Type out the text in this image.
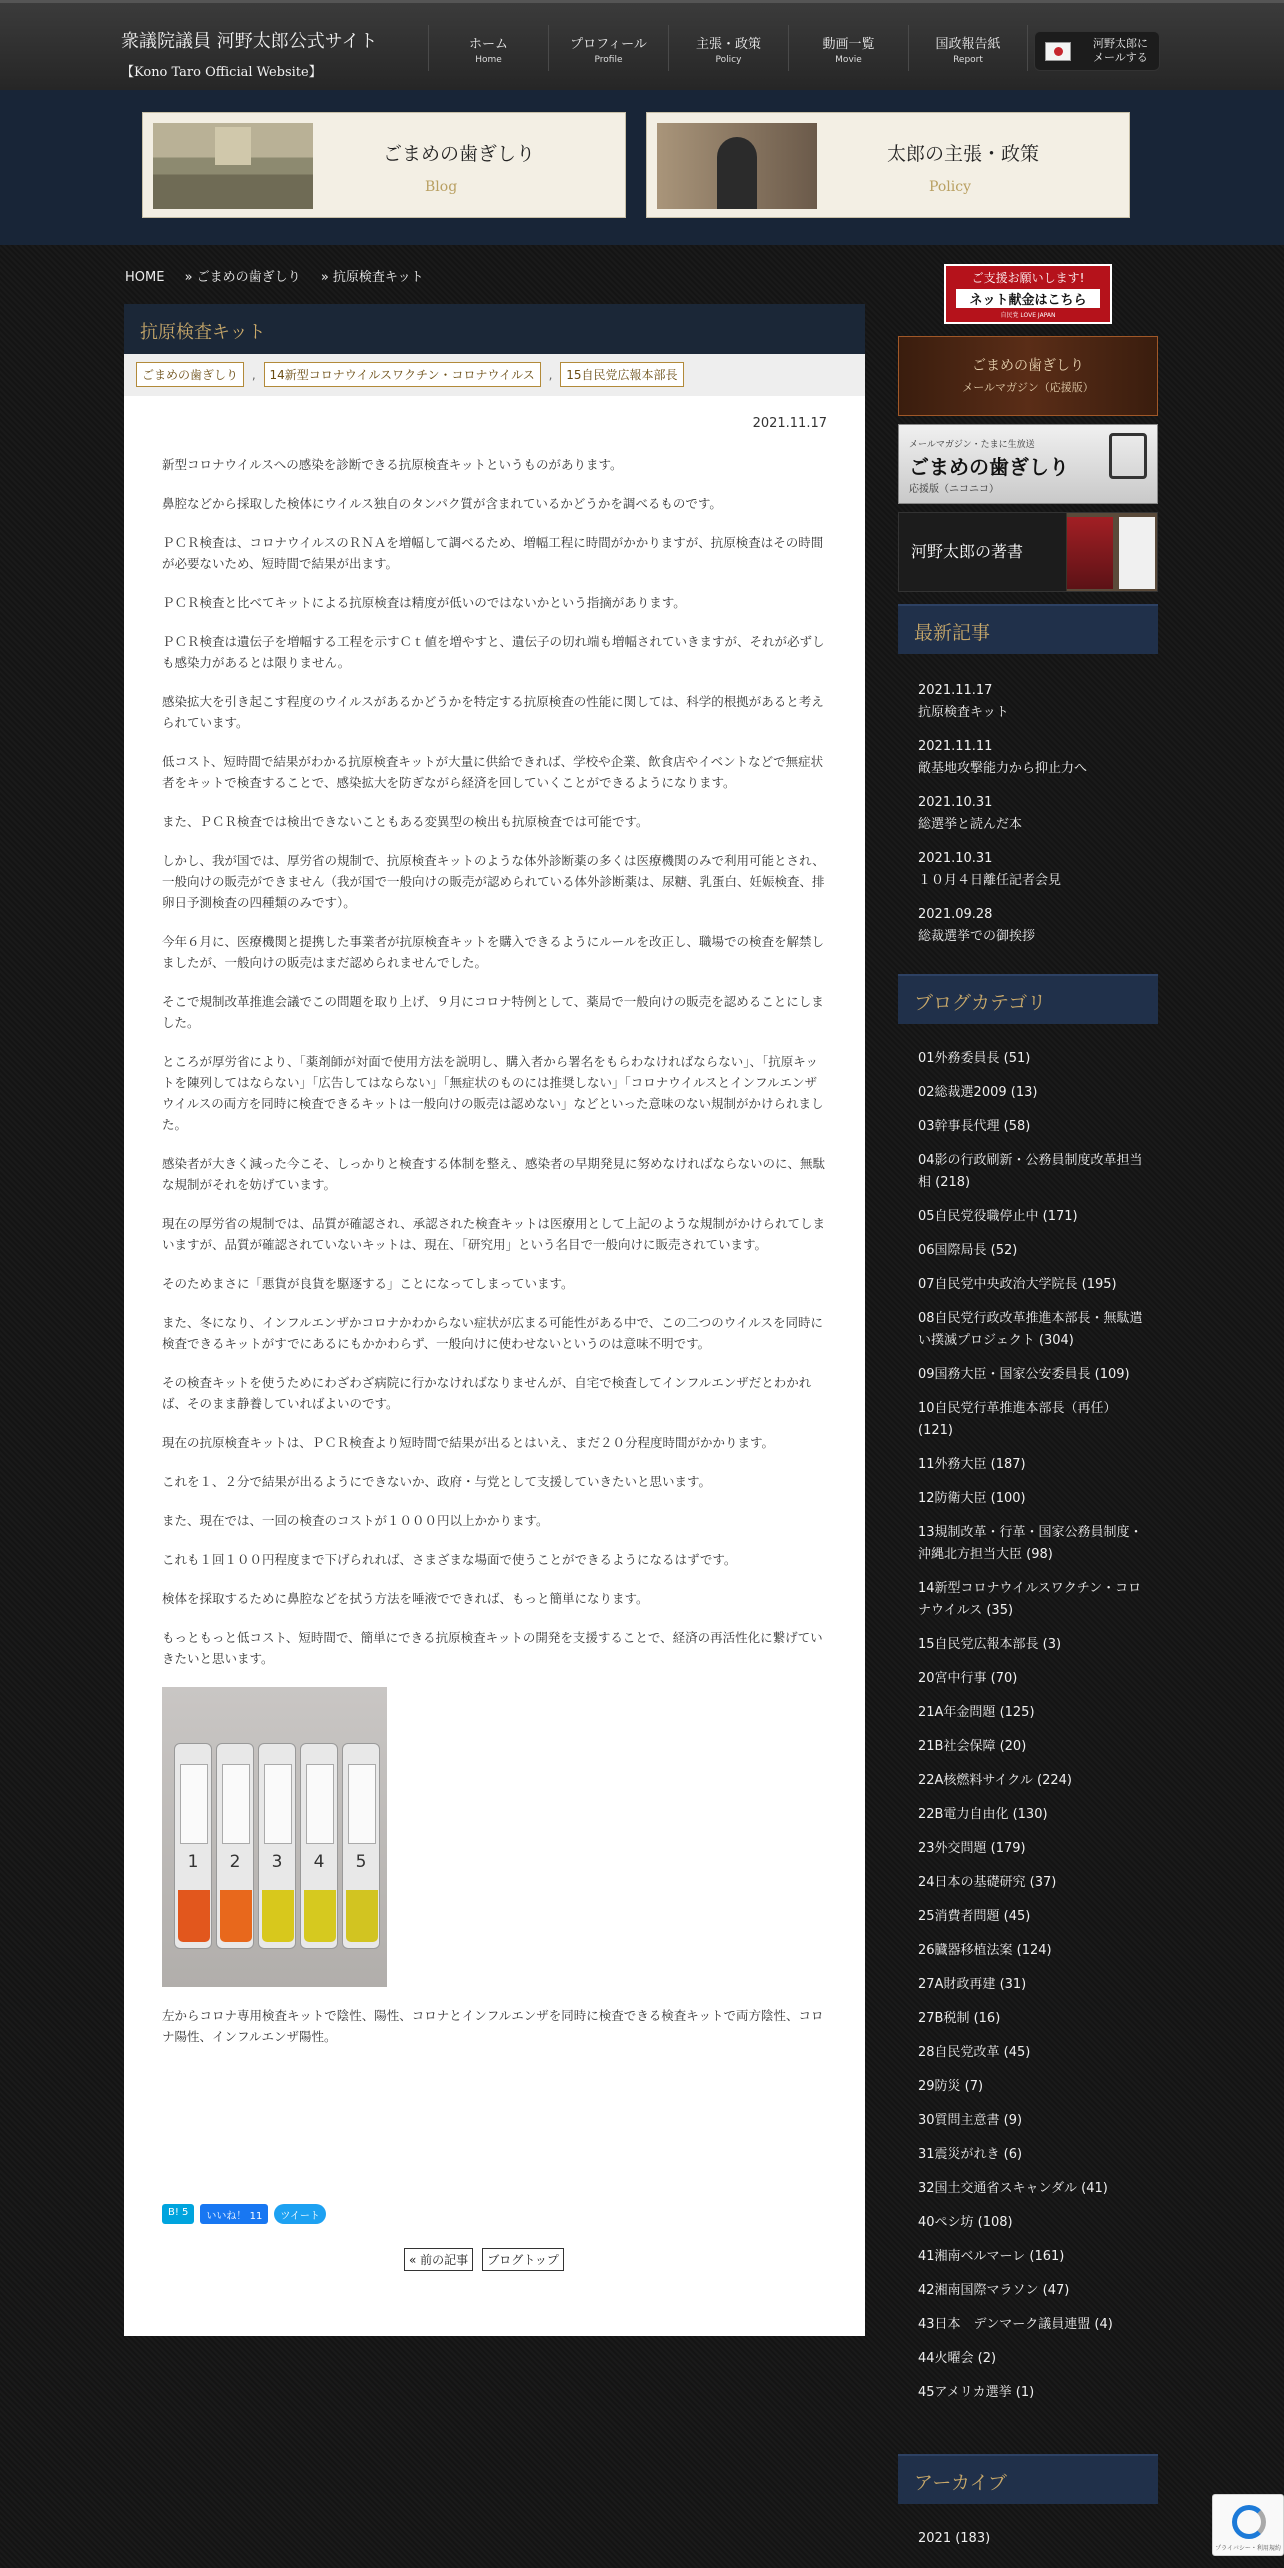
衆議院議員 河野太郎公式サイト
【Kono Taro Official Website】
ホーム
Home
プロフィール
Profile
主張・政策
Policy
動画一覧
Movie
国政報告紙
Report
河野太郎に
メールする
ごまめの歯ぎしり
Blog
太郎の主張・政策
Policy
HOME » ごまめの歯ぎしり » 抗原検査キット
抗原検査キット
ごまめの歯ぎしり , 14新型コロナウイルスワクチン・コロナウイルス , 15自民党広報本部長
2021.11.17

新型コロナウイルスへの感染を診断できる抗原検査キットというものがあります。

鼻腔などから採取した検体にウイルス独自のタンパク質が含まれているかどうかを調べるものです。

ＰＣＲ検査は、コロナウイルスのＲＮＡを増幅して調べるため、増幅工程に時間がかかりますが、抗原検査はその時間が必要ないため、短時間で結果が出ます。

ＰＣＲ検査と比べてキットによる抗原検査は精度が低いのではないかという指摘があります。

ＰＣＲ検査は遺伝子を増幅する工程を示すＣｔ値を増やすと、遺伝子の切れ端も増幅されていきますが、それが必ずしも感染力があるとは限りません。

感染拡大を引き起こす程度のウイルスがあるかどうかを特定する抗原検査の性能に関しては、科学的根拠があると考えられています。

低コスト、短時間で結果がわかる抗原検査キットが大量に供給できれば、学校や企業、飲食店やイベントなどで無症状者をキットで検査することで、感染拡大を防ぎながら経済を回していくことができるようになります。

また、ＰＣＲ検査では検出できないこともある変異型の検出も抗原検査では可能です。

しかし、我が国では、厚労省の規制で、抗原検査キットのような体外診断薬の多くは医療機関のみで利用可能とされ、一般向けの販売ができません（我が国で一般向けの販売が認められている体外診断薬は、尿糖、乳蛋白、妊娠検査、排卵日予測検査の四種類のみです）。

今年６月に、医療機関と提携した事業者が抗原検査キットを購入できるようにルールを改正し、職場での検査を解禁しましたが、一般向けの販売はまだ認められませんでした。

そこで規制改革推進会議でこの問題を取り上げ、９月にコロナ特例として、薬局で一般向けの販売を認めることにしました。

ところが厚労省により、「薬剤師が対面で使用方法を説明し、購入者から署名をもらわなければならない」、「抗原キットを陳列してはならない」「広告してはならない」「無症状のものには推奨しない」「コロナウイルスとインフルエンザウイルスの両方を同時に検査できるキットは一般向けの販売は認めない」などといった意味のない規制がかけられました。

感染者が大きく減った今こそ、しっかりと検査する体制を整え、感染者の早期発見に努めなければならないのに、無駄な規制がそれを妨げています。

現在の厚労省の規制では、品質が確認され、承認された検査キットは医療用として上記のような規制がかけられてしまいますが、品質が確認されていないキットは、現在、「研究用」という名目で一般向けに販売されています。

そのためまさに「悪貨が良貨を駆逐する」ことになってしまっています。

また、冬になり、インフルエンザかコロナかわからない症状が広まる可能性がある中で、この二つのウイルスを同時に検査できるキットがすでにあるにもかかわらず、一般向けに使わせないというのは意味不明です。

その検査キットを使うためにわざわざ病院に行かなければなりませんが、自宅で検査してインフルエンザだとわかれば、そのまま静養していればよいのです。

現在の抗原検査キットは、ＰＣＲ検査より短時間で結果が出るとはいえ、まだ２０分程度時間がかかります。

これを１、２分で結果が出るようにできないか、政府・与党として支援していきたいと思います。

また、現在では、一回の検査のコストが１０００円以上かかります。

これも１回１００円程度まで下げられれば、さまざまな場面で使うことができるようになるはずです。

検体を採取するために鼻腔などを拭う方法を唾液でできれば、もっと簡単になります。

もっともっと低コスト、短時間で、簡単にできる抗原検査キットの開発を支援することで、経済の再活性化に繋げていきたいと思います。

1	2	3	4	5

左からコロナ専用検査キットで陰性、陽性、コロナとインフルエンザを同時に検査できる検査キットで両方陰性、コロナ陽性、インフルエンザ陽性。

B! 5	いいね！ 11	ツイート
« 前の記事 ブログトップ
ご支援お願いします!
ネット献金はこちら
自民党 LOVE JAPAN
ごまめの歯ぎしり
メールマガジン（応援版）
メールマガジン・たまに生放送
ごまめの歯ぎしり
応援版（ニコニコ）
河野太郎の著書
最新記事
2021.11.17
抗原検査キット
2021.11.11
敵基地攻撃能力から抑止力へ
2021.10.31
総選挙と読んだ本
2021.10.31
１０月４日離任記者会見
2021.09.28
総裁選挙での御挨拶
ブログカテゴリ
01外務委員長 (51)
02総裁選2009 (13)
03幹事長代理 (58)
04影の行政刷新・公務員制度改革担当相 (218)
05自民党役職停止中 (171)
06国際局長 (52)
07自民党中央政治大学院長 (195)
08自民党行政改革推進本部長・無駄遣い撲滅プロジェクト (304)
09国務大臣・国家公安委員長 (109)
10自民党行革推進本部長（再任） (121)
11外務大臣 (187)
12防衛大臣 (100)
13規制改革・行革・国家公務員制度・沖縄北方担当大臣 (98)
14新型コロナウイルスワクチン・コロナウイルス (35)
15自民党広報本部長 (3)
20宮中行事 (70)
21A年金問題 (125)
21B社会保障 (20)
22A核燃料サイクル (224)
22B電力自由化 (130)
23外交問題 (179)
24日本の基礎研究 (37)
25消費者問題 (45)
26臓器移植法案 (124)
27A財政再建 (31)
27B税制 (16)
28自民党改革 (45)
29防災 (7)
30質問主意書 (9)
31震災がれき (6)
32国土交通省スキャンダル (41)
40ペシ坊 (108)
41湘南ベルマーレ (161)
42湘南国際マラソン (47)
43日本　デンマーク議員連盟 (4)
44火曜会 (2)
45アメリカ選挙 (1)
アーカイブ
2021 (183)
プライバシー・利用規約
